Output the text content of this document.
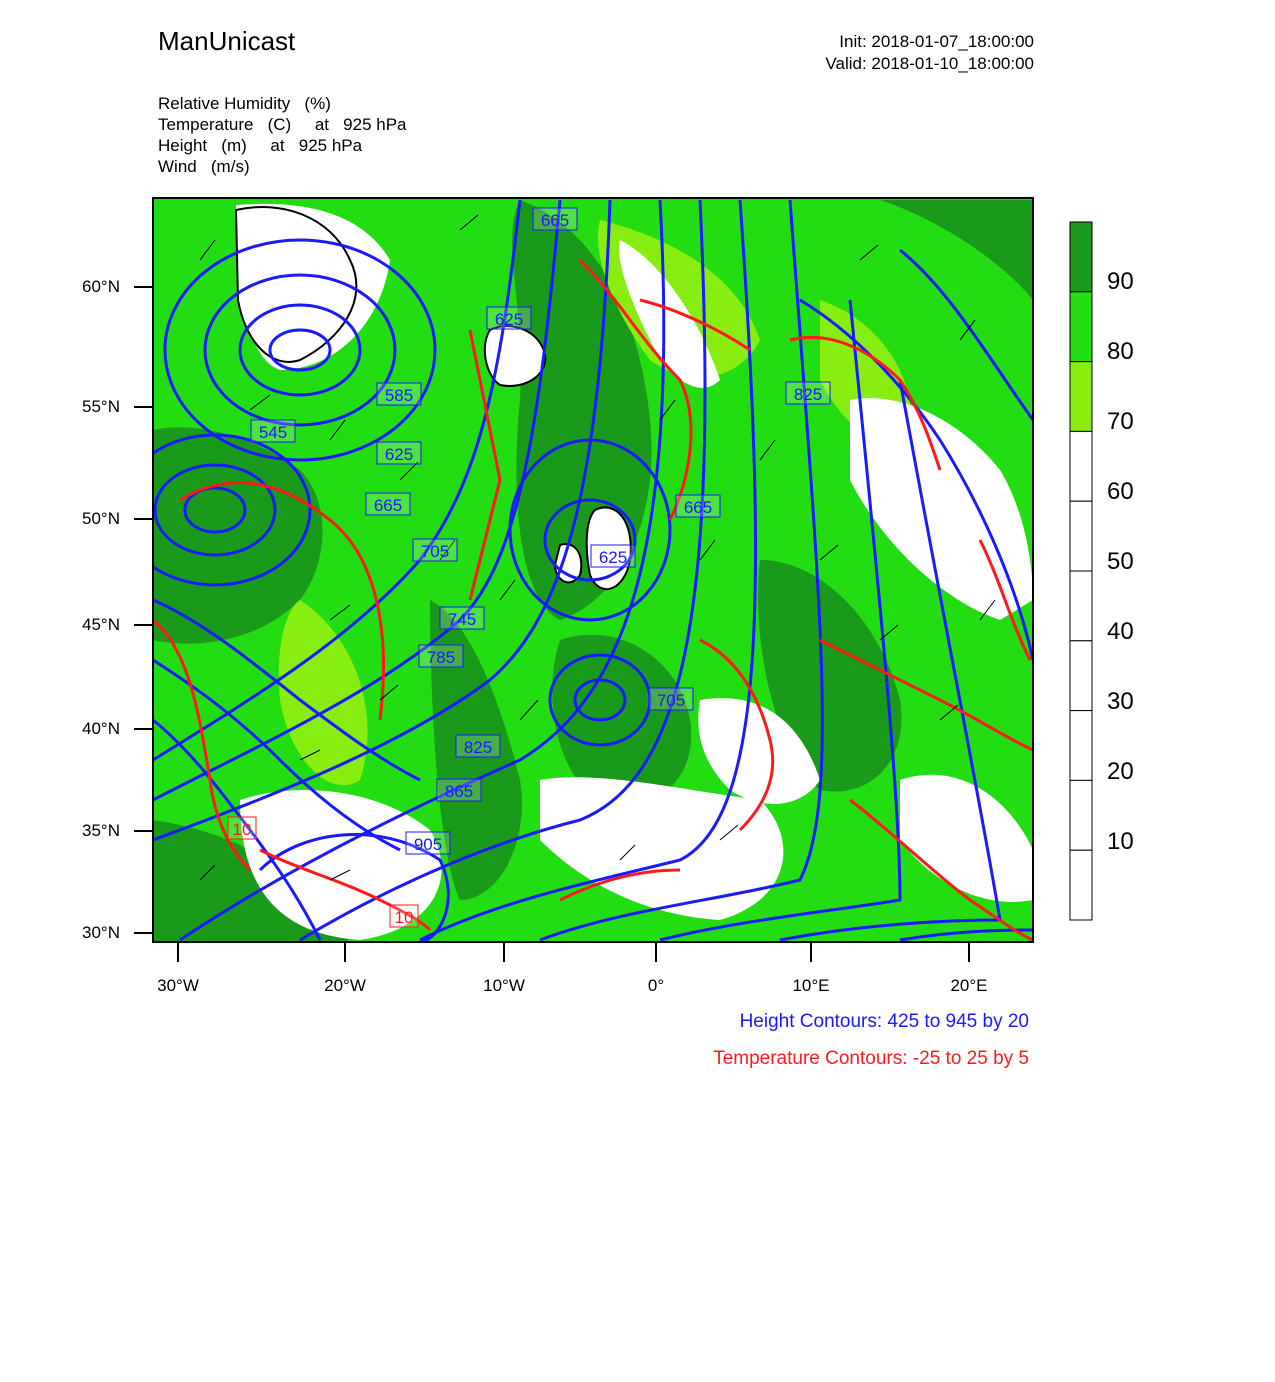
ManUnicast	Init: 2018-01-07_18:00:00
Valid: 2018-01-10_18:00:00
Relative Humidity   (%)
Temperature   (C)     at   925 hPa
Height   (m)     at   925 hPa
Wind   (m/s)
665
625
585
545
625
665
705
745
785
825
865
905
705
665
625
825
10
10
60°N
55°N
50°N
45°N
40°N
35°N
30°N
30°W	20°W	10°W	0°	10°E	20°E
90
80
70
60
50
40
30
20
10
Height Contours: 425 to 945 by 20
Temperature Contours: -25 to 25 by 5
